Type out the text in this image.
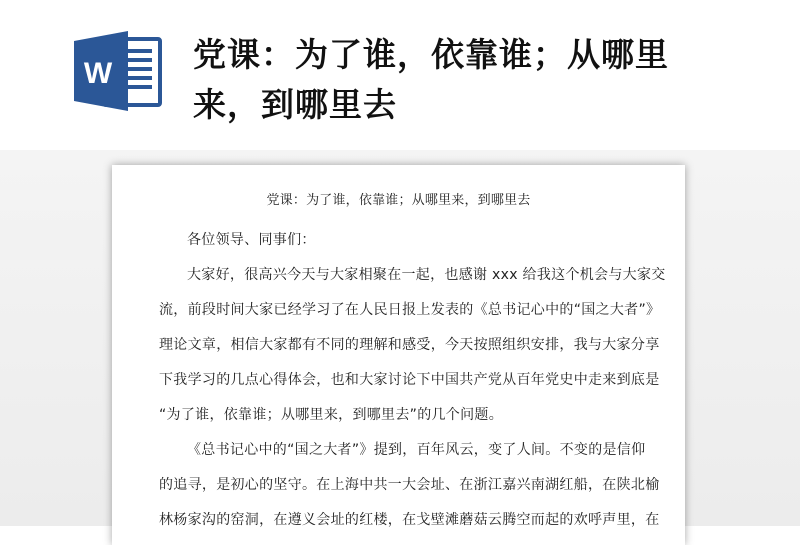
W 党课：为了谁，依靠谁；从哪里
来，到哪里去
党课：为了谁，依靠谁；从哪里来，到哪里去
各位领导、同事们：
大家好，很高兴今天与大家相聚在一起，也感谢 xxx 给我这个机会与大家交
流，前段时间大家已经学习了在人民日报上发表的《总书记心中的“国之大者”》
理论文章，相信大家都有不同的理解和感受，今天按照组织安排，我与大家分享
下我学习的几点心得体会，也和大家讨论下中国共产党从百年党史中走来到底是
“为了谁，依靠谁；从哪里来，到哪里去”的几个问题。
《总书记心中的“国之大者”》提到，百年风云，变了人间。不变的是信仰
的追寻，是初心的坚守。在上海中共一大会址、在浙江嘉兴南湖红船，在陕北榆
林杨家沟的窑洞，在遵义会址的红楼，在戈壁滩蘑菇云腾空而起的欢呼声里，在
